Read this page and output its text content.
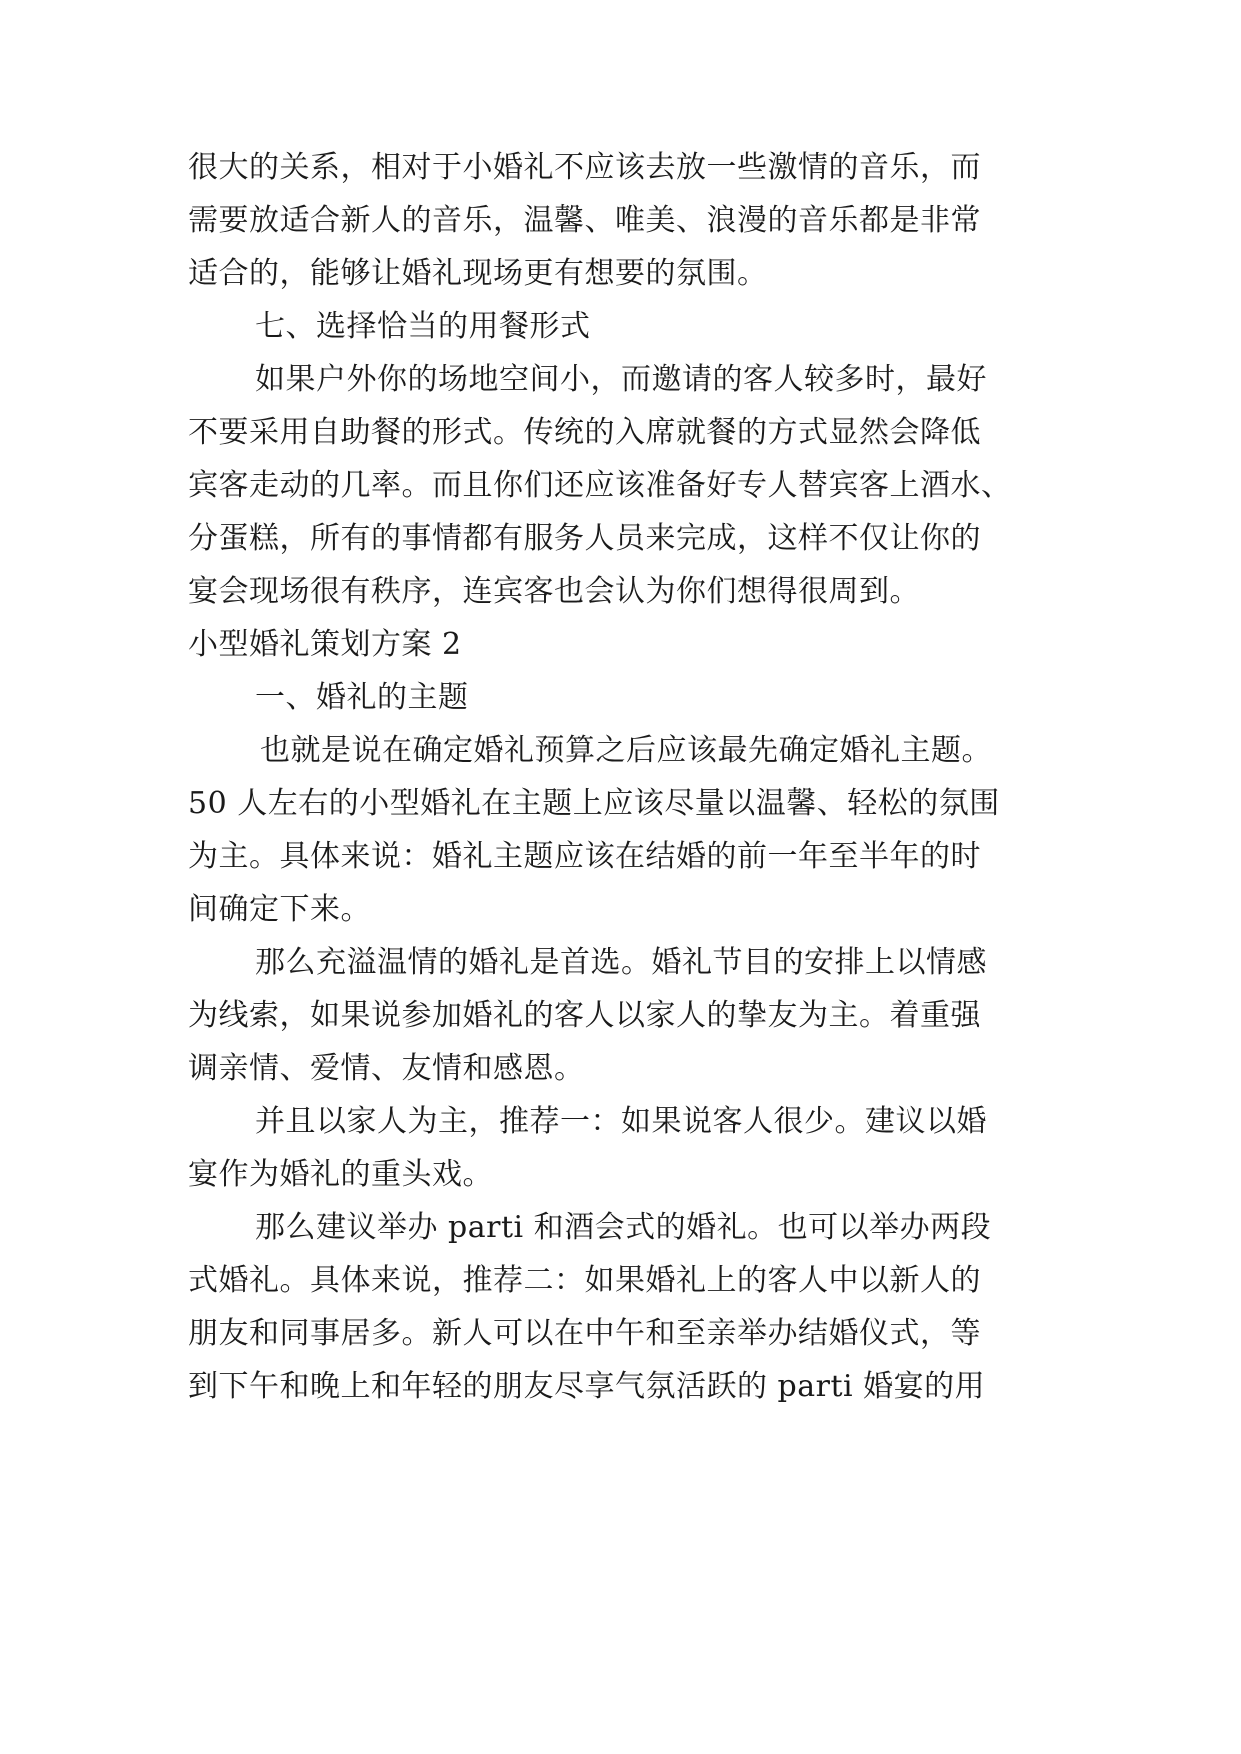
很大的关系，相对于小婚礼不应该去放一些激情的音乐，而
需要放适合新人的音乐，温馨、唯美、浪漫的音乐都是非常
适合的，能够让婚礼现场更有想要的氛围。
七、选择恰当的用餐形式
如果户外你的场地空间小，而邀请的客人较多时，最好
不要采用自助餐的形式。传统的入席就餐的方式显然会降低
宾客走动的几率。而且你们还应该准备好专人替宾客上酒水、
分蛋糕，所有的事情都有服务人员来完成，这样不仅让你的
宴会现场很有秩序，连宾客也会认为你们想得很周到。
小型婚礼策划方案 2
一、婚礼的主题
也就是说在确定婚礼预算之后应该最先确定婚礼主题。
50 人左右的小型婚礼在主题上应该尽量以温馨、轻松的氛围
为主。具体来说：婚礼主题应该在结婚的前一年至半年的时
间确定下来。
那么充溢温情的婚礼是首选。婚礼节目的安排上以情感
为线索，如果说参加婚礼的客人以家人的挚友为主。着重强
调亲情、爱情、友情和感恩。
并且以家人为主，推荐一：如果说客人很少。建议以婚
宴作为婚礼的重头戏。
那么建议举办 parti 和酒会式的婚礼。也可以举办两段
式婚礼。具体来说，推荐二：如果婚礼上的客人中以新人的
朋友和同事居多。新人可以在中午和至亲举办结婚仪式，等
到下午和晚上和年轻的朋友尽享气氛活跃的 parti 婚宴的用
